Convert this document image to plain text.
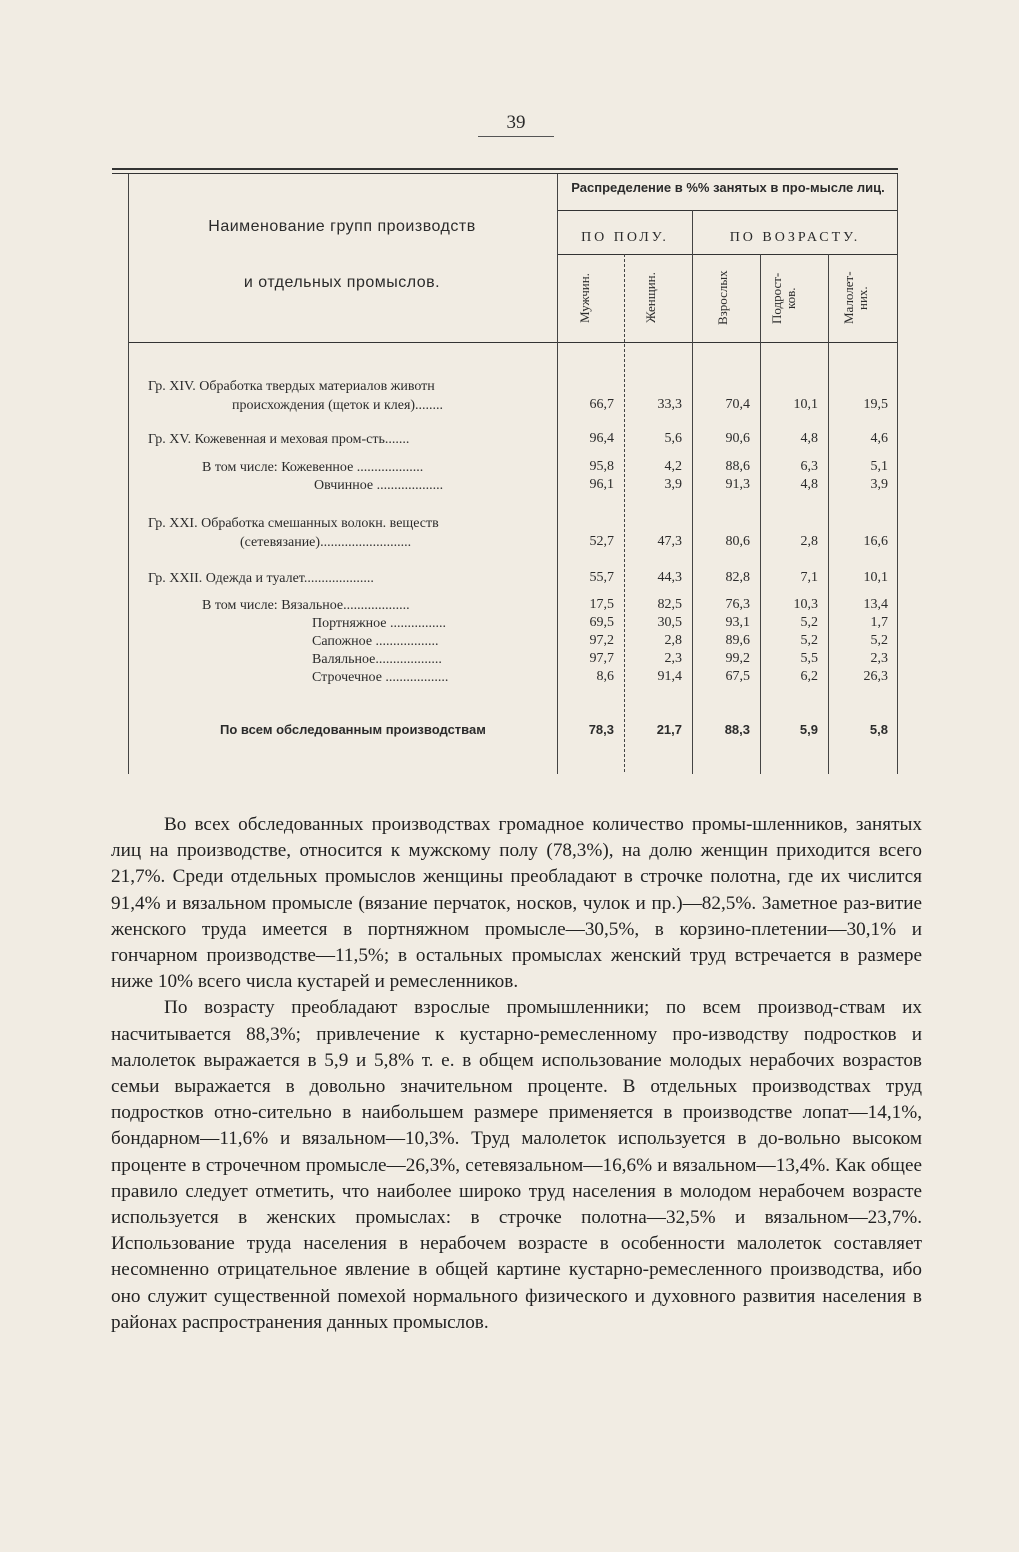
39
Наименование групп производств
и отдельных промыслов.
Распределение в %% занятых в про-мысле лиц.
ПО ПОЛУ.	ПО ВОЗРАСТУ.
Мужчин.	Женщин.	Взрослых	Подрост-ков.	Малолет-них.
Гр. XIV. Обработка твердых материалов животн
происхождения (щеток и клея)........	66,7	33,3	70,4	10,1	19,5
Гр. XV. Кожевенная и меховая пром-сть.......	96,4	5,6	90,6	4,8	4,6
В том числе: Кожевенное ...................	95,8	4,2	88,6	6,3	5,1
Овчинное ...................	96,1	3,9	91,3	4,8	3,9
Гр. XXI. Обработка смешанных волокн. веществ
(сетевязание)..........................	52,7	47,3	80,6	2,8	16,6
Гр. XXII. Одежда и туалет....................	55,7	44,3	82,8	7,1	10,1
В том числе: Вязальное...................	17,5	82,5	76,3	10,3	13,4
Портняжное ................	69,5	30,5	93,1	5,2	1,7
Сапожное ..................	97,2	2,8	89,6	5,2	5,2
Валяльное...................	97,7	2,3	99,2	5,5	2,3
Строчечное ..................	8,6	91,4	67,5	6,2	26,3
По всем обследованным производствам	78,3	21,7	88,3	5,9	5,8

Во всех обследованных производствах громадное количество промы-шленников, занятых лиц на производстве, относится к мужскому полу (78,3%), на долю женщин приходится всего 21,7%. Среди отдельных промыслов женщины преобладают в строчке полотна, где их числится 91,4% и вязальном промысле (вязание перчаток, носков, чулок и пр.)—82,5%. Заметное раз-витие женского труда имеется в портняжном промысле—30,5%, в корзино-плетении—30,1% и гончарном производстве—11,5%; в остальных промыслах женский труд встречается в размере ниже 10% всего числа кустарей и ремесленников.

По возрасту преобладают взрослые промышленники; по всем производ-ствам их насчитывается 88,3%; привлечение к кустарно-ремесленному про-изводству подростков и малолеток выражается в 5,9 и 5,8% т. е. в общем использование молодых нерабочих возрастов семьи выражается в довольно значительном проценте. В отдельных производствах труд подростков отно-сительно в наибольшем размере применяется в производстве лопат—14,1%, бондарном—11,6% и вязальном—10,3%. Труд малолеток используется в до-вольно высоком проценте в строчечном промысле—26,3%, сетевязальном—16,6% и вязальном—13,4%. Как общее правило следует отметить, что наиболее широко труд населения в молодом нерабочем возрасте используется в женских промыслах: в строчке полотна—32,5% и вязальном—23,7%. Использование труда населения в нерабочем возрасте в особенности малолеток составляет несомненно отрицательное явление в общей картине кустарно-ремесленного производства, ибо оно служит существенной помехой нормального физического и духовного развития населения в районах распространения данных промыслов.
